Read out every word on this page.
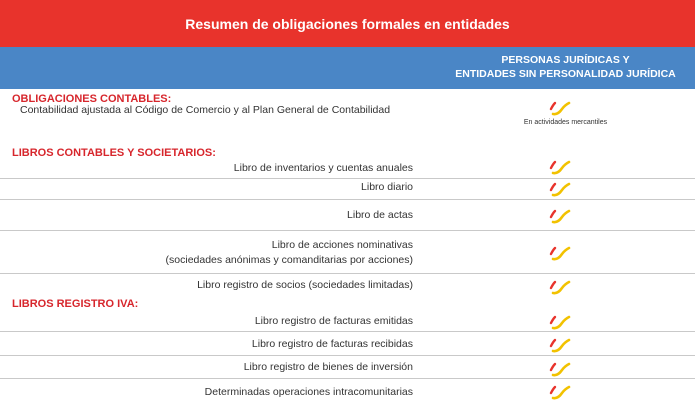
Resumen de obligaciones formales en entidades
PERSONAS JURÍDICAS Y
ENTIDADES SIN PERSONALIDAD JURÍDICA
OBLIGACIONES CONTABLES:
Contabilidad ajustada al Código de Comercio y al Plan General de Contabilidad
En actividades mercantiles
LIBROS CONTABLES Y SOCIETARIOS:
Libro de inventarios y cuentas anuales
Libro diario
Libro de actas
Libro de acciones nominativas
(sociedades anónimas y comanditarias por acciones)
Libro registro de socios (sociedades limitadas)
LIBROS REGISTRO IVA:
Libro registro de facturas emitidas
Libro registro de facturas recibidas
Libro registro de bienes de inversión
Determinadas operaciones intracomunitarias
